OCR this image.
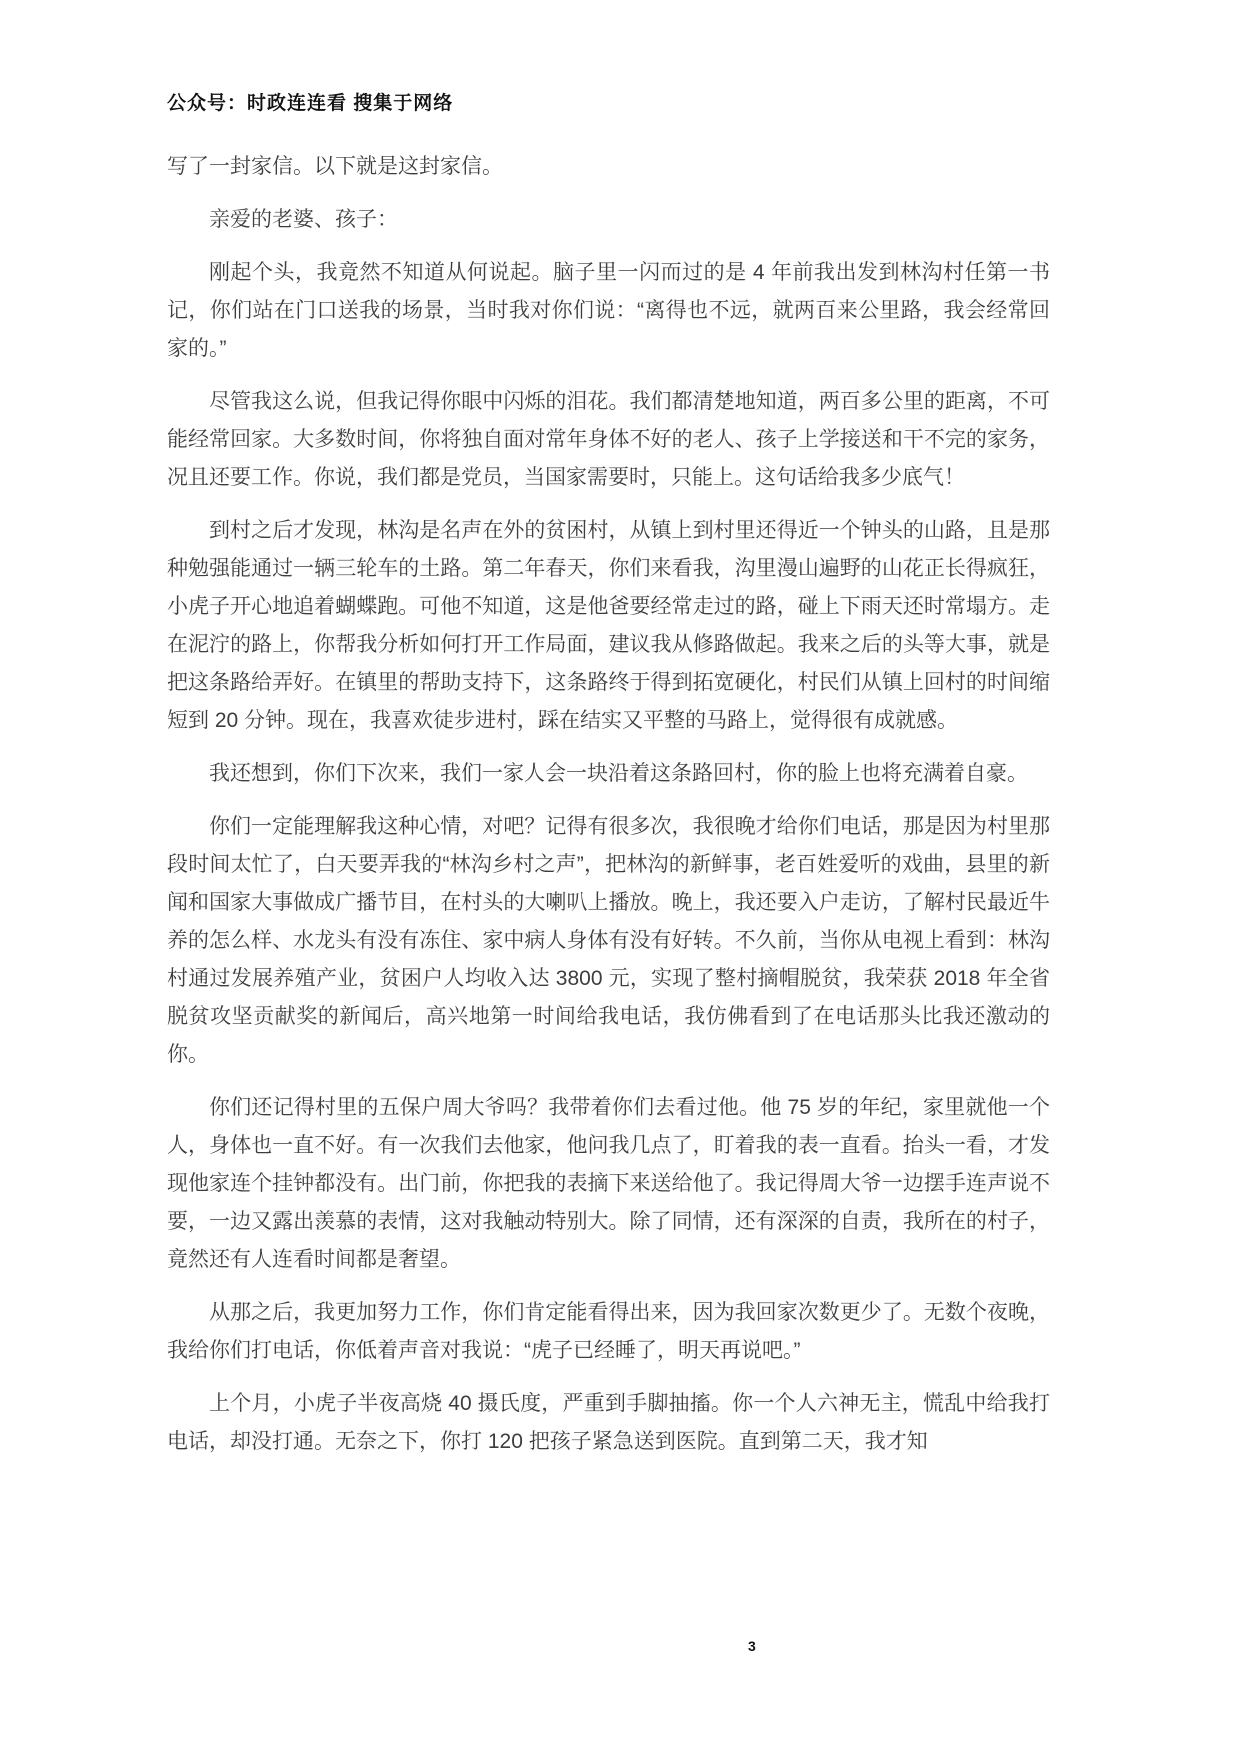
公众号：时政连连看 搜集于网络

写了一封家信。以下就是这封家信。

亲爱的老婆、孩子：

刚起个头，我竟然不知道从何说起。脑子里一闪而过的是 4 年前我出发到林沟村任第一书记，你们站在门口送我的场景，当时我对你们说：“离得也不远，就两百来公里路，我会经常回家的。”

尽管我这么说，但我记得你眼中闪烁的泪花。我们都清楚地知道，两百多公里的距离，不可能经常回家。大多数时间，你将独自面对常年身体不好的老人、孩子上学接送和干不完的家务，况且还要工作。你说，我们都是党员，当国家需要时，只能上。这句话给我多少底气！

到村之后才发现，林沟是名声在外的贫困村，从镇上到村里还得近一个钟头的山路，且是那种勉强能通过一辆三轮车的土路。第二年春天，你们来看我，沟里漫山遍野的山花正长得疯狂，小虎子开心地追着蝴蝶跑。可他不知道，这是他爸要经常走过的路，碰上下雨天还时常塌方。走在泥泞的路上，你帮我分析如何打开工作局面，建议我从修路做起。我来之后的头等大事，就是把这条路给弄好。在镇里的帮助支持下，这条路终于得到拓宽硬化，村民们从镇上回村的时间缩短到 20 分钟。现在，我喜欢徒步进村，踩在结实又平整的马路上，觉得很有成就感。

我还想到，你们下次来，我们一家人会一块沿着这条路回村，你的脸上也将充满着自豪。

你们一定能理解我这种心情，对吧？记得有很多次，我很晚才给你们电话，那是因为村里那段时间太忙了，白天要弄我的“林沟乡村之声”，把林沟的新鲜事，老百姓爱听的戏曲，县里的新闻和国家大事做成广播节目，在村头的大喇叭上播放。晚上，我还要入户走访，了解村民最近牛养的怎么样、水龙头有没有冻住、家中病人身体有没有好转。不久前，当你从电视上看到：林沟村通过发展养殖产业，贫困户人均收入达 3800 元，实现了整村摘帽脱贫，我荣获 2018 年全省脱贫攻坚贡献奖的新闻后，高兴地第一时间给我电话，我仿佛看到了在电话那头比我还激动的你。

你们还记得村里的五保户周大爷吗？我带着你们去看过他。他 75 岁的年纪，家里就他一个人，身体也一直不好。有一次我们去他家，他问我几点了，盯着我的表一直看。抬头一看，才发现他家连个挂钟都没有。出门前，你把我的表摘下来送给他了。我记得周大爷一边摆手连声说不要，一边又露出羡慕的表情，这对我触动特别大。除了同情，还有深深的自责，我所在的村子，竟然还有人连看时间都是奢望。

从那之后，我更加努力工作，你们肯定能看得出来，因为我回家次数更少了。无数个夜晚，我给你们打电话，你低着声音对我说：“虎子已经睡了，明天再说吧。”

上个月，小虎子半夜高烧 40 摄氏度，严重到手脚抽搐。你一个人六神无主，慌乱中给我打电话，却没打通。无奈之下，你打 120 把孩子紧急送到医院。直到第二天，我才知

3
